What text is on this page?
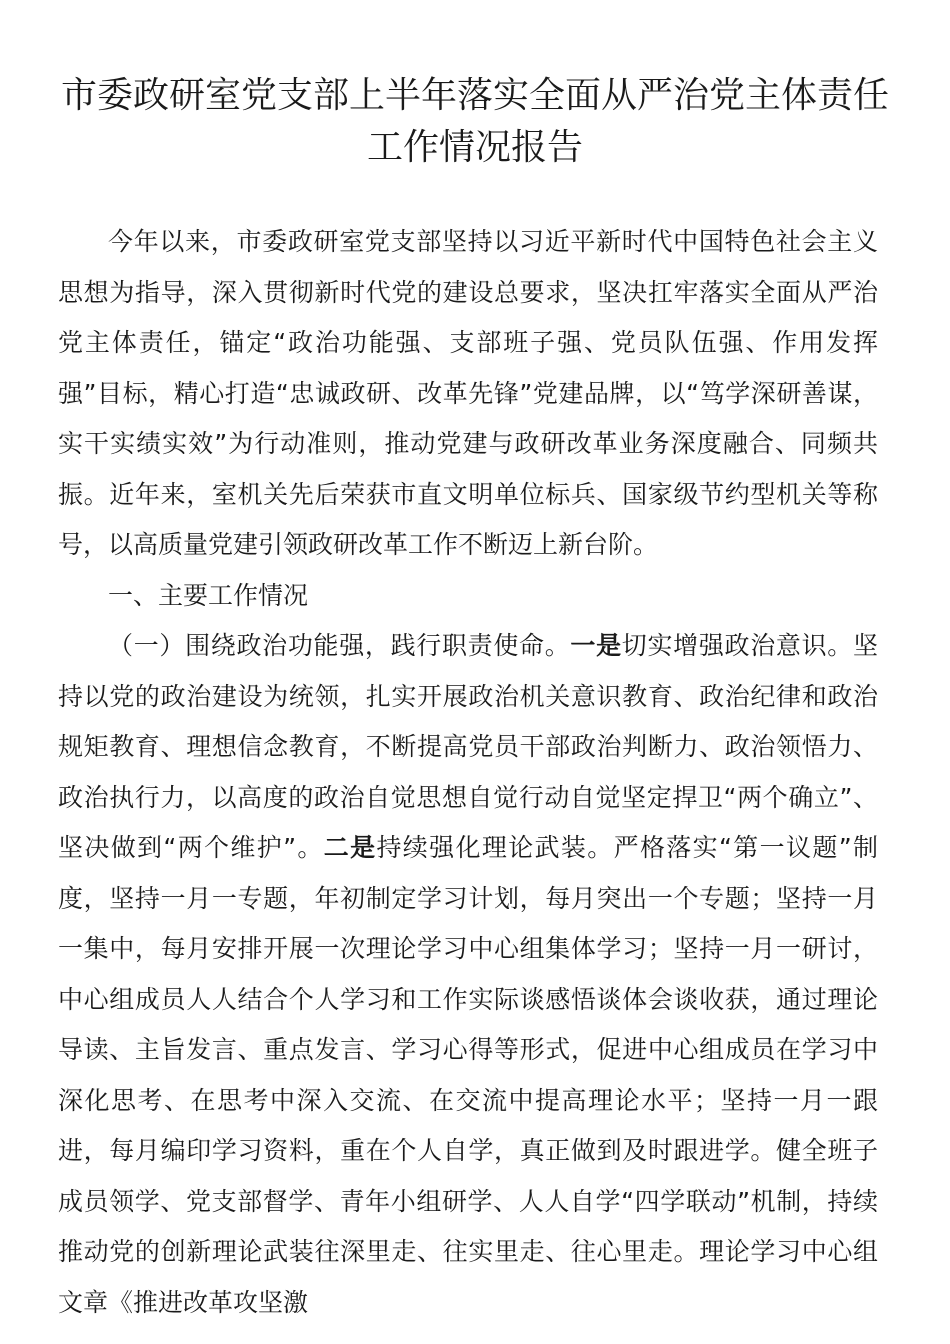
市委政研室党支部上半年落实全面从严治党主体责任工作情况报告

今年以来，市委政研室党支部坚持以习近平新时代中国特色社会主义思想为指导，深入贯彻新时代党的建设总要求，坚决扛牢落实全面从严治党主体责任，锚定“政治功能强、支部班子强、党员队伍强、作用发挥强”目标，精心打造“忠诚政研、改革先锋”党建品牌，以“笃学深研善谋，实干实绩实效”为行动准则，推动党建与政研改革业务深度融合、同频共振。近年来，室机关先后荣获市直文明单位标兵、国家级节约型机关等称号，以高质量党建引领政研改革工作不断迈上新台阶。

一、主要工作情况

（一）围绕政治功能强，践行职责使命。一是切实增强政治意识。坚持以党的政治建设为统领，扎实开展政治机关意识教育、政治纪律和政治规矩教育、理想信念教育，不断提高党员干部政治判断力、政治领悟力、政治执行力，以高度的政治自觉思想自觉行动自觉坚定捍卫“两个确立”、坚决做到“两个维护”。二是持续强化理论武装。严格落实“第一议题”制度，坚持一月一专题，年初制定学习计划，每月突出一个专题；坚持一月一集中，每月安排开展一次理论学习中心组集体学习；坚持一月一研讨，中心组成员人人结合个人学习和工作实际谈感悟谈体会谈收获，通过理论导读、主旨发言、重点发言、学习心得等形式，促进中心组成员在学习中深化思考、在思考中深入交流、在交流中提高理论水平；坚持一月一跟进，每月编印学习资料，重在个人自学，真正做到及时跟进学。健全班子成员领学、党支部督学、青年小组研学、人人自学“四学联动”机制，持续推动党的创新理论武装往深里走、往实里走、往心里走。理论学习中心组文章《推进改革攻坚激
